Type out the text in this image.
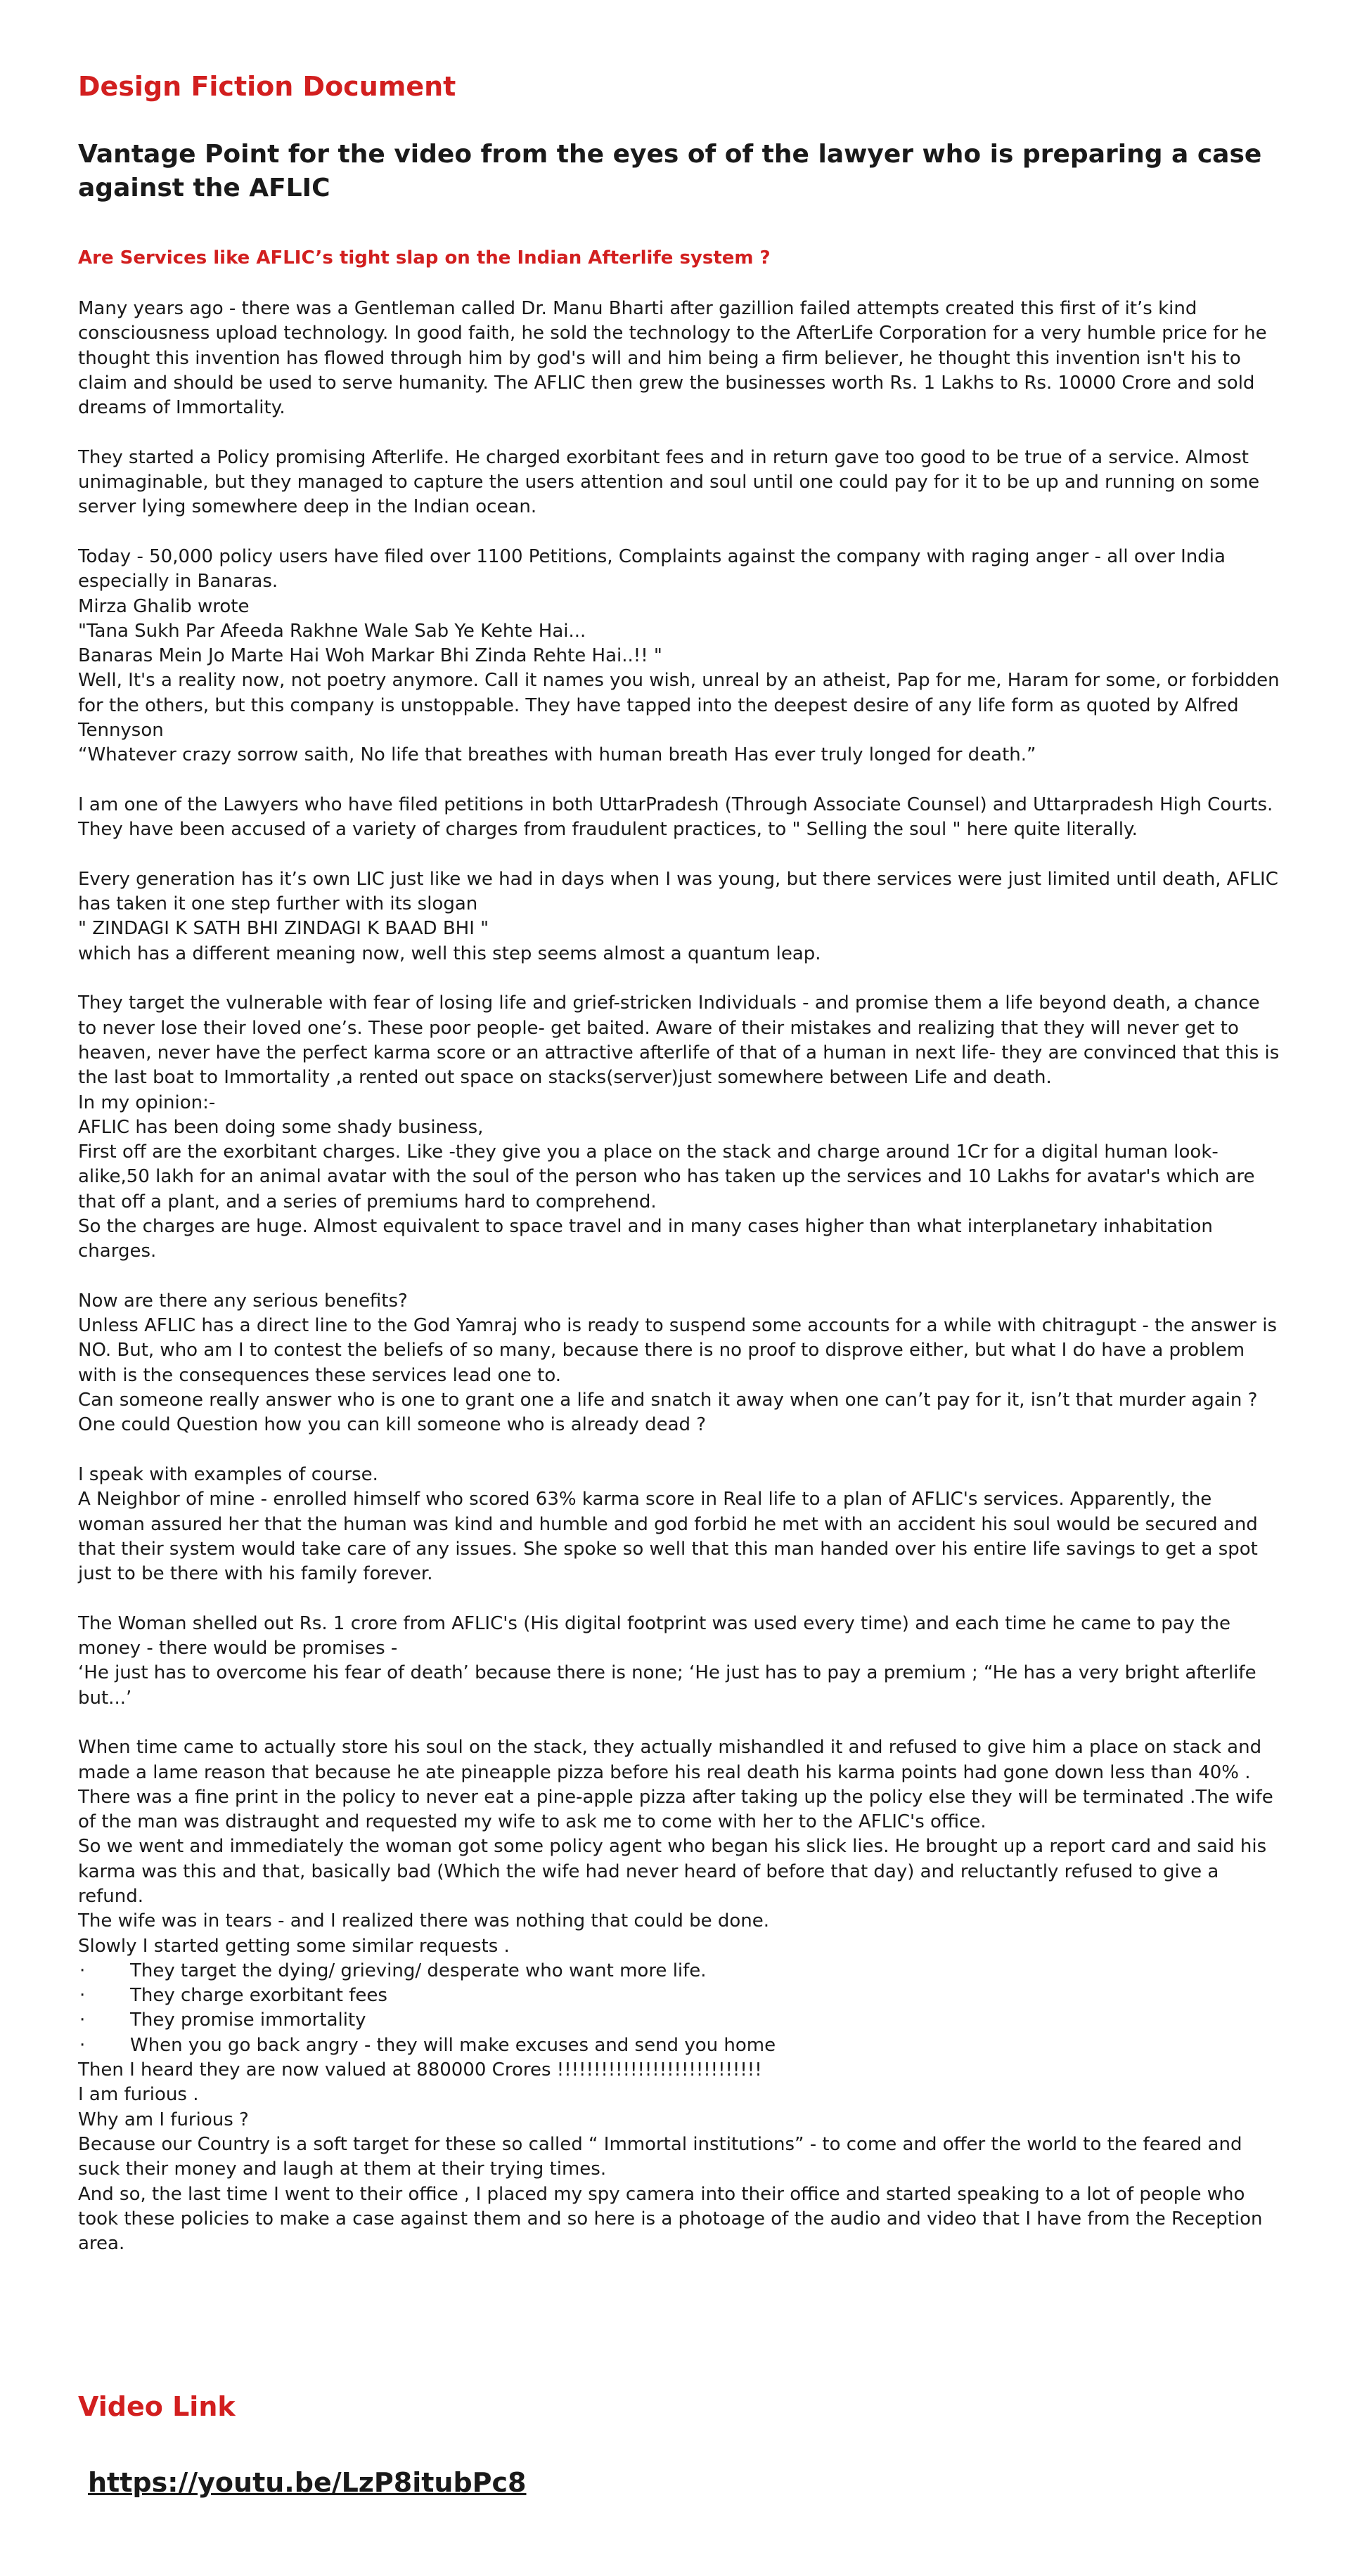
Design Fiction Document
Vantage Point for the video from the eyes of of the lawyer who is preparing a case against the AFLIC
Are Services like AFLIC’s tight slap on the Indian Afterlife system ?

Many years ago - there was a Gentleman called Dr. Manu Bharti after gazillion failed attempts created this first of it’s kind consciousness upload technology. In good faith, he sold the technology to the AfterLife Corporation for a very humble price for he thought this invention has flowed through him by god's will and him being a firm believer, he thought this invention isn't his to claim and should be used to serve humanity. The AFLIC then grew the businesses worth Rs. 1 Lakhs to Rs. 10000 Crore and sold dreams of Immortality.

They started a Policy promising Afterlife. He charged exorbitant fees and in return gave too good to be true of a service. Almost unimaginable, but they managed to capture the users attention and soul until one could pay for it to be up and running on some server lying somewhere deep in the Indian ocean.

Today - 50,000 policy users have filed over 1100 Petitions, Complaints against the company with raging anger - all over India especially in Banaras.

Mirza Ghalib wrote

"Tana Sukh Par Afeeda Rakhne Wale Sab Ye Kehte Hai...

Banaras Mein Jo Marte Hai Woh Markar Bhi Zinda Rehte Hai..!! "

Well, It's a reality now, not poetry anymore. Call it names you wish, unreal by an atheist, Pap for me, Haram for some, or forbidden for the others, but this company is unstoppable. They have tapped into the deepest desire of any life form as quoted by Alfred Tennyson

“Whatever crazy sorrow saith, No life that breathes with human breath Has ever truly longed for death.”

I am one of the Lawyers who have filed petitions in both UttarPradesh (Through Associate Counsel) and Uttarpradesh High Courts. They have been accused of a variety of charges from fraudulent practices, to " Selling the soul " here quite literally.

Every generation has it’s own LIC just like we had in days when I was young, but there services were just limited until death, AFLIC has taken it one step further with its slogan

" ZINDAGI K SATH BHI ZINDAGI K BAAD BHI "

which has a different meaning now, well this step seems almost a quantum leap.

They target the vulnerable with fear of losing life and grief-stricken Individuals - and promise them a life beyond death, a chance to never lose their loved one’s. These poor people- get baited. Aware of their mistakes and realizing that they will never get to heaven, never have the perfect karma score or an attractive afterlife of that of a human in next life- they are convinced that this is the last boat to Immortality ,a rented out space on stacks(server)just somewhere between Life and death.

In my opinion:-

AFLIC has been doing some shady business,

First off are the exorbitant charges. Like -they give you a place on the stack and charge around 1Cr for a digital human look-alike,50 lakh for an animal avatar with the soul of the person who has taken up the services and 10 Lakhs for avatar's which are that off a plant, and a series of premiums hard to comprehend.

So the charges are huge. Almost equivalent to space travel and in many cases higher than what interplanetary inhabitation charges.

Now are there any serious benefits?

Unless AFLIC has a direct line to the God Yamraj who is ready to suspend some accounts for a while with chitragupt - the answer is NO. But, who am I to contest the beliefs of so many, because there is no proof to disprove either, but what I do have a problem with is the consequences these services lead one to.

Can someone really answer who is one to grant one a life and snatch it away when one can’t pay for it, isn’t that murder again ? One could Question how you can kill someone who is already dead ?

I speak with examples of course.

A Neighbor of mine - enrolled himself who scored 63% karma score in Real life to a plan of AFLIC's services. Apparently, the woman assured her that the human was kind and humble and god forbid he met with an accident his soul would be secured and that their system would take care of any issues. She spoke so well that this man handed over his entire life savings to get a spot just to be there with his family forever.

The Woman shelled out Rs. 1 crore from AFLIC's (His digital footprint was used every time) and each time he came to pay the money - there would be promises -

‘He just has to overcome his fear of death’ because there is none; ‘He just has to pay a premium ; “He has a very bright afterlife but...’

When time came to actually store his soul on the stack, they actually mishandled it and refused to give him a place on stack and made a lame reason that because he ate pineapple pizza before his real death his karma points had gone down less than 40% . There was a fine print in the policy to never eat a pine-apple pizza after taking up the policy else they will be terminated .The wife of the man was distraught and requested my wife to ask me to come with her to the AFLIC's office.

So we went and immediately the woman got some policy agent who began his slick lies. He brought up a report card and said his karma was this and that, basically bad (Which the wife had never heard of before that day) and reluctantly refused to give a refund.

The wife was in tears - and I realized there was nothing that could be done.

Slowly I started getting some similar requests .

·	They target the dying/ grieving/ desperate who want more life.
·	They charge exorbitant fees
·	They promise immortality
·	When you go back angry - they will make excuses and send you home

Then I heard they are now valued at 880000 Crores !!!!!!!!!!!!!!!!!!!!!!!!!!!!

I am furious .

Why am I furious ?

Because our Country is a soft target for these so called “ Immortal institutions” - to come and offer the world to the feared and suck their money and laugh at them at their trying times.

And so, the last time I went to their office , I placed my spy camera into their office and started speaking to a lot of people who took these policies to make a case against them and so here is a photoage of the audio and video that I have from the Reception area.

Video Link
https://youtu.be/LzP8itubPc8
